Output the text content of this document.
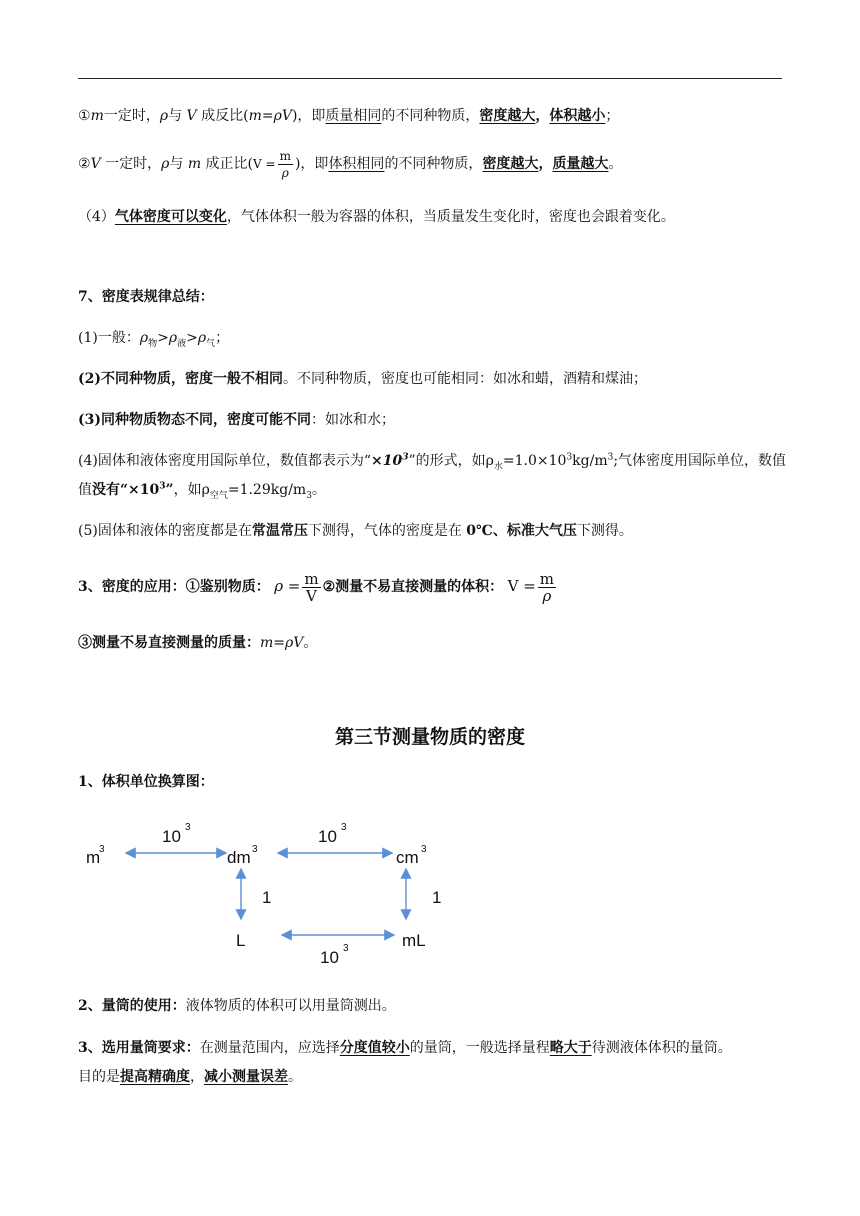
①m一定时，ρ与 V 成反比(m=ρV)，即质量相同的不同种物质，密度越大，体积越小；
②V 一定时，ρ与 m 成正比($V = \frac{m}{\rho}$ )，即体积相同的不同种物质，密度越大，质量越大。
（4）气体密度可以变化，气体体积一般为容器的体积，当质量发生变化时，密度也会跟着变化。
7、密度表规律总结：
(1)一般：$\rho_物>\rho_液>\rho_气$；
(2)不同种物质，密度一般不相同。不同种物质，密度也可能相同：如冰和蜡，酒精和煤油；
(3)同种物质物态不同，密度可能不同：如冰和水；
(4)固体和液体密度用国际单位，数值都表示为“$\times 10^3$”的形式，如$\rho_水=1.0\times 10^3kg/m^3$;气体密度用国际单位，数值
值没有“$\times 10^3$”，如$\rho_{空气}=1.29kg/m_3$。
(5)固体和液体的密度都是在常温常压下测得，气体的密度是在 0℃、标准大气压下测得。
3、密度的应用：①鉴别物质： $\rho = \frac{m}{V}$ ②测量不易直接测量的体积： $V = \frac{m}{\rho}$
③测量不易直接测量的质量：m=ρV。
第三节测量物质的密度
1、体积单位换算图：
m
3	dm 3	cm 3
L	mL
10 3	10 3
10 3
1	1
2、量筒的使用：液体物质的体积可以用量筒测出。
3、选用量筒要求：在测量范围内，应选择分度值较小的量筒，一般选择量程略大于待测液体体积的量筒。
目的是提高精确度，减小测量误差。
